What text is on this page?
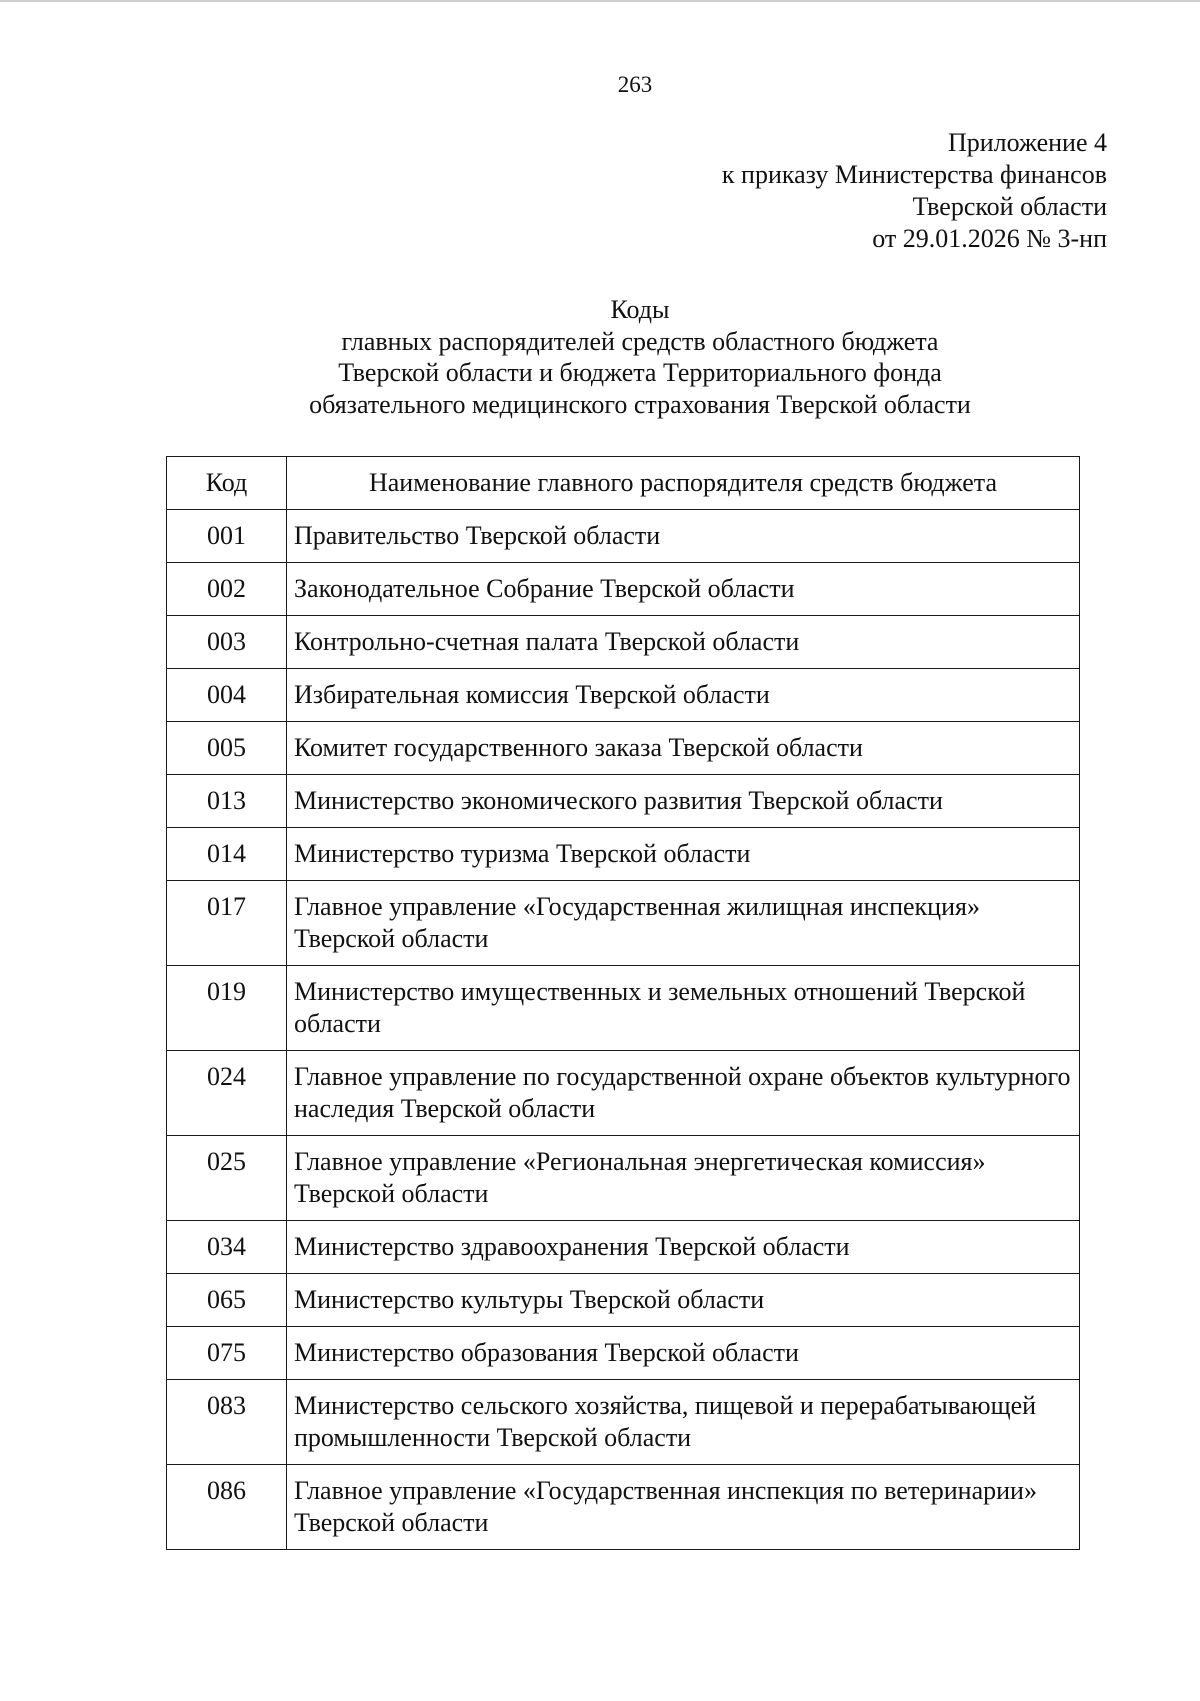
263
Приложение 4
к приказу Министерства финансов
Тверской области
от 29.01.2026 № 3-нп
Коды
главных распорядителей средств областного бюджета
Тверской области и бюджета Территориального фонда
обязательного медицинского страхования Тверской области
Код	Наименование главного распорядителя средств бюджета
001	Правительство Тверской области
002	Законодательное Собрание Тверской области
003	Контрольно-счетная палата Тверской области
004	Избирательная комиссия Тверской области
005	Комитет государственного заказа Тверской области
013	Министерство экономического развития Тверской области
014	Министерство туризма Тверской области
017	Главное управление «Государственная жилищная инспекция» Тверской области
019	Министерство имущественных и земельных отношений Тверской области
024	Главное управление по государственной охране объектов культурного наследия Тверской области
025	Главное управление «Региональная энергетическая комиссия» Тверской области
034	Министерство здравоохранения Тверской области
065	Министерство культуры Тверской области
075	Министерство образования Тверской области
083	Министерство сельского хозяйства, пищевой и перерабатывающей промышленности Тверской области
086	Главное управление «Государственная инспекция по ветеринарии» Тверской области
